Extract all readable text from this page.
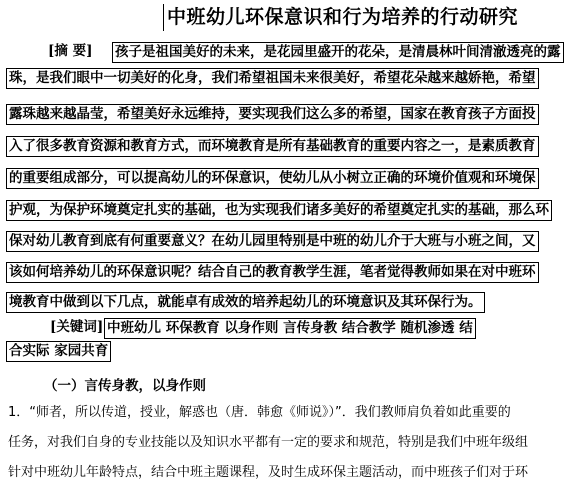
中班幼儿环保意识和行为培养的行动研究
[摘 要] 孩子是祖国美好的未来，是花园里盛开的花朵，是清晨林叶间清澈透亮的露
珠，是我们眼中一切美好的化身，我们希望祖国未来很美好，希望花朵越来越娇艳，希望
露珠越来越晶莹，希望美好永远维持，要实现我们这么多的希望，国家在教育孩子方面投
入了很多教育资源和教育方式，而环境教育是所有基础教育的重要内容之一，是素质教育
的重要组成部分，可以提高幼儿的环保意识，使幼儿从小树立正确的环境价值观和环境保
护观，为保护环境奠定扎实的基础，也为实现我们诸多美好的希望奠定扎实的基础，那么环
保对幼儿教育到底有何重要意义？在幼儿园里特别是中班的幼儿介于大班与小班之间，又
该如何培养幼儿的环保意识呢？结合自己的教育教学生涯，笔者觉得教师如果在对中班环
境教育中做到以下几点，就能卓有成效的培养起幼儿的环境意识及其环保行为。
[关键词] 中班幼儿 环保教育 以身作则 言传身教 结合教学 随机渗透 结
合实际 家园共育
（一）言传身教，以身作则
1．“师者，所以传道，授业，解惑也（唐．韩愈《师说》）”．我们教师肩负着如此重要的
任务，对我们自身的专业技能以及知识水平都有一定的要求和规范，特别是我们中班年级组
针对中班幼儿年龄特点，结合中班主题课程，及时生成环保主题活动，而中班孩子们对于环
